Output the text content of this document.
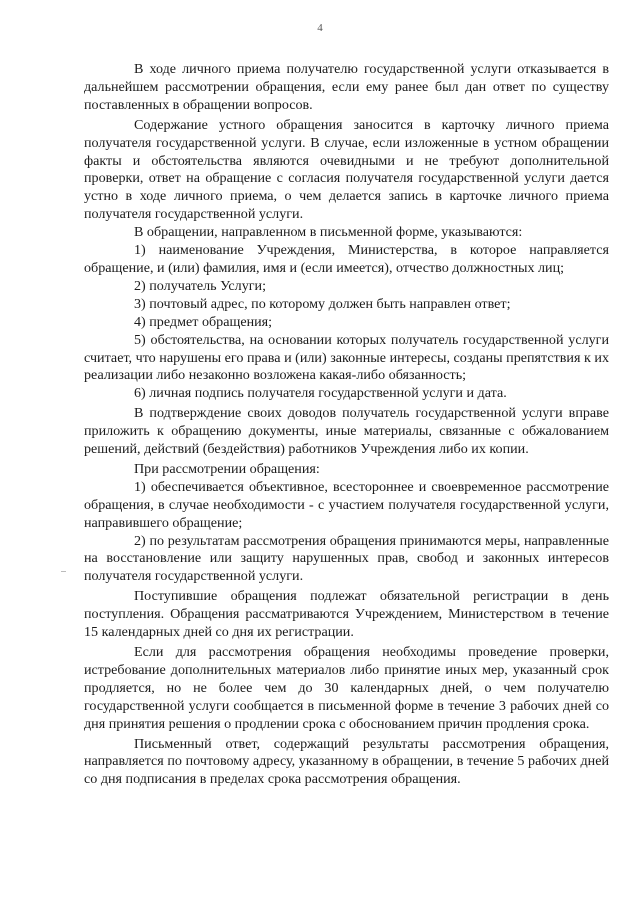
4

В ходе личного приема получателю государственной услуги отказывается в дальнейшем рассмотрении обращения, если ему ранее был дан ответ по существу поставленных в обращении вопросов.

Содержание устного обращения заносится в карточку личного приема получателя государственной услуги. В случае, если изложенные в устном обращении факты и обстоятельства являются очевидными и не требуют дополнительной проверки, ответ на обращение с согласия получателя государственной услуги дается устно в ходе личного приема, о чем делается запись в карточке личного приема получателя государственной услуги.

В обращении, направленном в письменной форме, указываются:

1) наименование Учреждения, Министерства, в которое направляется обращение, и (или) фамилия, имя и (если имеется), отчество должностных лиц;

2) получатель Услуги;

3) почтовый адрес, по которому должен быть направлен ответ;

4) предмет обращения;

5) обстоятельства, на основании которых получатель государственной услуги считает, что нарушены его права и (или) законные интересы, созданы препятствия к их реализации либо незаконно возложена какая-либо обязанность;

6) личная подпись получателя государственной услуги и дата.

В подтверждение своих доводов получатель государственной услуги вправе приложить к обращению документы, иные материалы, связанные с обжалованием решений, действий (бездействия) работников Учреждения либо их копии.

При рассмотрении обращения:

1) обеспечивается объективное, всестороннее и своевременное рассмотрение обращения, в случае необходимости - с участием получателя государственной услуги, направившего обращение;

2) по результатам рассмотрения обращения принимаются меры, направленные на восстановление или защиту нарушенных прав, свобод и законных интересов получателя государственной услуги.

Поступившие обращения подлежат обязательной регистрации в день поступления. Обращения рассматриваются Учреждением, Министерством в течение 15 календарных дней со дня их регистрации.

Если для рассмотрения обращения необходимы проведение проверки, истребование дополнительных материалов либо принятие иных мер, указанный срок продляется, но не более чем до 30 календарных дней, о чем получателю государственной услуги сообщается в письменной форме в течение 3 рабочих дней со дня принятия решения о продлении срока с обоснованием причин продления срока.

Письменный ответ, содержащий результаты рассмотрения обращения, направляется по почтовому адресу, указанному в обращении, в течение 5 рабочих дней со дня подписания в пределах срока рассмотрения обращения.
